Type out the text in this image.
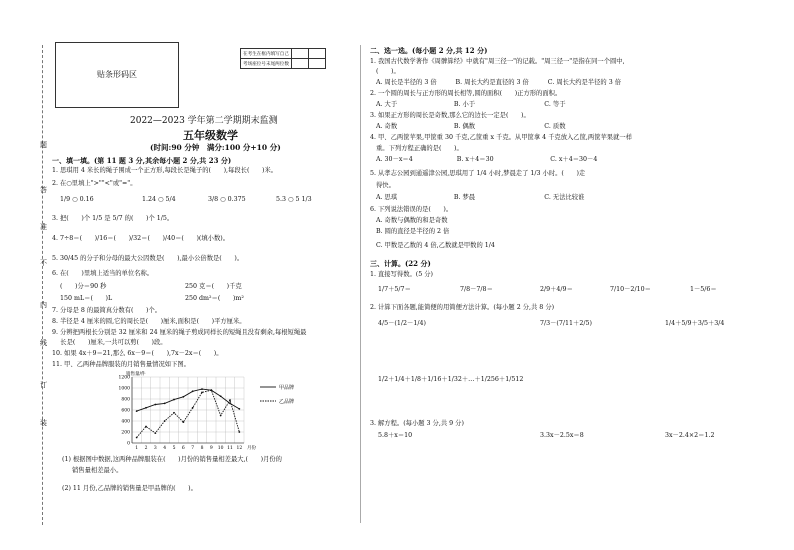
题
答
准
不
内
线
订
装
贴条形码区
在考生在框内填写自己		
考场座位号末尾两位数		
2022—2023 学年第二学期期末监测
五年级数学
(时间:90 分钟　满分:100 分+10 分)
一、填一填。(第 11 题 3 分,其余每小题 2 分,共 23 分)
1. 思琪用 4 米长的绳子围成一个正方形,每段长是绳子的(　　),每段长(　　)米。
2. 在○里填上">""<"或"="。
1/9 ○ 0.16	1.24 ○ 5/4	3/8 ○ 0.375	5.3 ○ 5 1/3
3. 把(　　)个 1/5 是 5/7 的(　　)个 1/5。
4. 7÷8＝(　　)/16＝(　　)/32＝(　　)/40＝(　　)(填小数)。
5. 30/45 的分子和分母的最大公因数是(　　),最小公倍数是(　　)。
6. 在(　　)里填上适当的单位名称。
(　　)分＝90 秒	250 克＝(　　)千克
150 mL＝(　　)L	250 dm²＝(　　)m²
7. 分母是 8 的最简真分数有(　　)个。
8. 半径是 4 厘米的圆,它的周长是(　　)厘米,面积是(　　)平方厘米。
9. 分辨把两根长分别是 32 厘米和 24 厘米的绳子剪成同样长的短绳且没有剩余,每根短绳最
　 长是(　　)厘米,一共可以剪(　　)段。
10. 如果 4x＋9＝21,那么 6x－9＝(　　),7x－2x＝(　　)。
11. 甲、乙两种品牌服装的月销售量情况如下图。
0
200
400
600
800
1000
1200
1 2 3 4 5 6 7 8 9 10 11 12 月份
销售量/件
甲品牌
乙品牌
(1) 根据图中数据,这两种品牌服装在(　　)月份的销售量相差最大,(　　)月份的
销售量相差最小。
(2) 11 月份,乙品牌的销售量是甲品牌的(　　)。
二、选一选。(每小题 2 分,共 12 分)
1. 我国古代数学著作《周髀算经》中就有"周三径一"的记载。"周三径一"是指在同一个圆中,
(　　)。
A. 周长是半径的 3 倍　　　B. 周长大约是直径的 3 倍　　　C. 周长大约是半径的 3 倍
2. 一个圆的周长与正方形的周长相等,圆的面积(　　)正方形的面积。
A. 大于　　　　　　　　　B. 小于　　　　　　　　　　　C. 等于
3. 如果正方形的周长是奇数,那么它的边长一定是(　　)。
A. 奇数　　　　　　　　　B. 偶数　　　　　　　　　　　C. 质数
4. 甲、乙两筐苹果,甲筐重 30 千克,乙筐重 x 千克。从甲筐拿 4 千克放入乙筐,两筐苹果就一样
重。下列方程正确的是(　　)。
A. 30－x＝4　　　　　　　B. x＋4＝30　　　　　　　　　C. x＋4＝30－4
5. 从孝志公园到通遥津公园,思琪用了 1/4 小时,梦晨走了 1/3 小时。(　　)走
得快。
A. 思琪　　　　　　　　　B. 梦晨　　　　　　　　　　　C. 无法比较谁
6. 下列说法错误的是(　　)。
A. 奇数与偶数的和是奇数
B. 圆的直径是半径的 2 倍
C. 甲数是乙数的 4 倍,乙数就是甲数的 1/4
三、计算。(22 分)
1. 直接写得数。(5 分)
1/7＋5/7＝	7/8－7/8＝	2/9＋4/9＝	7/10－2/10＝	1－5/6＝
2. 计算下面各题,能简便的用简便方法计算。(每小题 2 分,共 8 分)
4/5－(1/2－1/4)	7/3－(7/11＋2/5)	1/4＋5/9＋3/5＋3/4
1/2＋1/4＋1/8＋1/16＋1/32＋…＋1/256＋1/512
3. 解方程。(每小题 3 分,共 9 分)
5.8＋x＝10	3.3x－2.5x＝8	3x－2.4×2＝1.2
